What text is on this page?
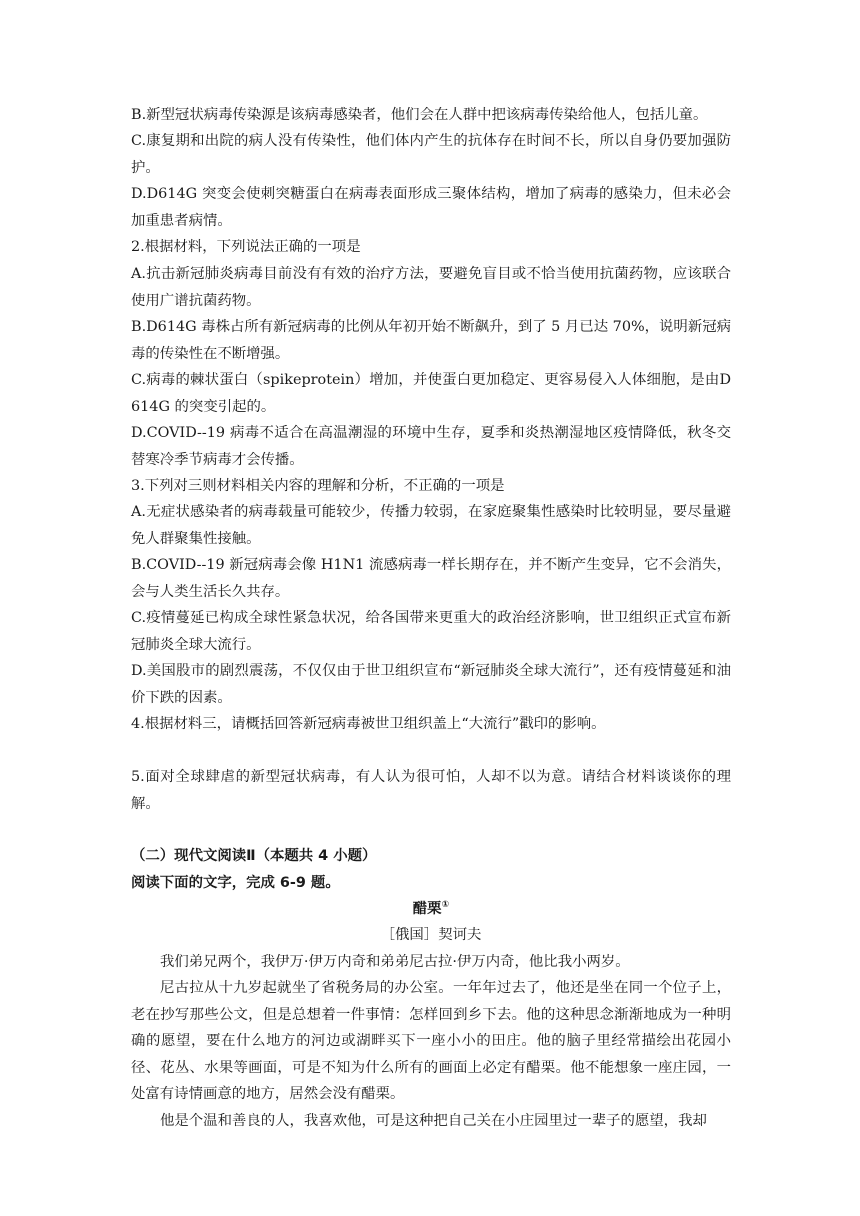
B.新型冠状病毒传染源是该病毒感染者，他们会在人群中把该病毒传染给他人，包括儿童。

C.康复期和出院的病人没有传染性，他们体内产生的抗体存在时间不长，所以自身仍要加强防护。

D.D614G 突变会使刺突糖蛋白在病毒表面形成三聚体结构，增加了病毒的感染力，但未必会加重患者病情。

2.根据材料，下列说法正确的一项是

A.抗击新冠肺炎病毒目前没有有效的治疗方法，要避免盲目或不恰当使用抗菌药物，应该联合使用广谱抗菌药物。

B.D614G 毒株占所有新冠病毒的比例从年初开始不断飙升，到了 5 月已达 70%，说明新冠病毒的传染性在不断增强。

C.病毒的棘状蛋白（spikeprotein）增加，并使蛋白更加稳定、更容易侵入人体细胞，是由D614G 的突变引起的。

D.COVID--19 病毒不适合在高温潮湿的环境中生存，夏季和炎热潮湿地区疫情降低，秋冬交替寒冷季节病毒才会传播。

3.下列对三则材料相关内容的理解和分析，不正确的一项是

A.无症状感染者的病毒载量可能较少，传播力较弱，在家庭聚集性感染时比较明显，要尽量避免人群聚集性接触。

B.COVID--19 新冠病毒会像 H1N1 流感病毒一样长期存在，并不断产生变异，它不会消失，会与人类生活长久共存。

C.疫情蔓延已构成全球性紧急状况，给各国带来更重大的政治经济影响，世卫组织正式宣布新冠肺炎全球大流行。

D.美国股市的剧烈震荡，不仅仅由于世卫组织宣布“新冠肺炎全球大流行”，还有疫情蔓延和油价下跌的因素。

4.根据材料三，请概括回答新冠病毒被世卫组织盖上“大流行”戳印的影响。

5.面对全球肆虐的新型冠状病毒，有人认为很可怕，人却不以为意。请结合材料谈谈你的理解。

（二）现代文阅读Ⅱ（本题共 4 小题）

阅读下面的文字，完成 6-9 题。

醋栗①

［俄国］契诃夫

我们弟兄两个，我伊万·伊万内奇和弟弟尼古拉·伊万内奇，他比我小两岁。

尼古拉从十九岁起就坐了省税务局的办公室。一年年过去了，他还是坐在同一个位子上，老在抄写那些公文，但是总想着一件事情：怎样回到乡下去。他的这种思念渐渐地成为一种明确的愿望，要在什么地方的河边或湖畔买下一座小小的田庄。他的脑子里经常描绘出花园小径、花丛、水果等画面，可是不知为什么所有的画面上必定有醋栗。他不能想象一座庄园，一处富有诗情画意的地方，居然会没有醋栗。

他是个温和善良的人，我喜欢他，可是这种把自己关在小庄园里过一辈子的愿望，我却
